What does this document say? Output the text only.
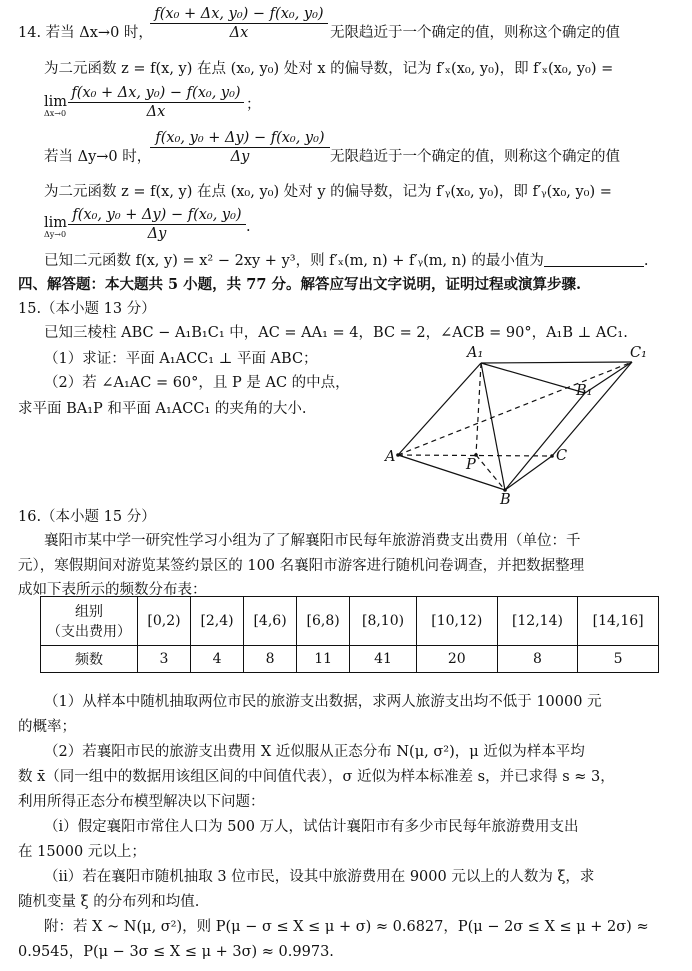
14. 若当 Δx→0 时，
$\frac{\text{f(x₀ + Δx, y₀) − f(x₀, y₀)}}{\Delta x}$ 无限趋近于一个确定的值，则称这个确定的值
为二元函数 z = f(x, y) 在点 (x₀, y₀) 处对 x 的偏导数，记为 f′ₓ(x₀, y₀)，即 f′ₓ(x₀, y₀) =
lim
$\Delta x\to 0 \frac{\text{f(x₀ + Δx, y₀) − f(x₀, y₀)}}{\Delta x}$ ；
若当 Δy→0 时，
$\frac{\text{f(x₀, y₀ + Δy) − f(x₀, y₀)}}{\Delta y}$ 无限趋近于一个确定的值，则称这个确定的值
为二元函数 z = f(x, y) 在点 (x₀, y₀) 处对 y 的偏导数，记为 f′ᵧ(x₀, y₀)，即 f′ᵧ(x₀, y₀) =
lim
$\Delta y\to 0 \frac{\text{f(x₀, y₀ + Δy) − f(x₀, y₀)}}{\Delta y}$ .
已知二元函数 f(x, y) = x² − 2xy + y³，则 f′ₓ(m, n) + f′ᵧ(m, n) 的最小值为	.
四、解答题：本大题共 5 小题，共 77 分。解答应写出文字说明，证明过程或演算步骤.
15.（本小题 13 分）
已知三棱柱 ABC − A₁B₁C₁ 中，AC = AA₁ = 4，BC = 2，∠ACB = 90°，A₁B ⊥ AC₁.
（1）求证：平面 A₁ACC₁ ⊥ 平面 ABC；
（2）若 ∠A₁AC = 60°，且 P 是 AC 的中点，
求平面 BA₁P 和平面 A₁ACC₁ 的夹角的大小.
A₁	C₁
B₁
A	P
C
B
16.（本小题 15 分）
襄阳市某中学一研究性学习小组为了了解襄阳市民每年旅游消费支出费用（单位：千
元），寒假期间对游览某签约景区的 100 名襄阳市游客进行随机问卷调查，并把数据整理
成如下表所示的频数分布表：
组别
（支出费用）	[0,2)	[2,4)	[4,6)	[6,8)	[8,10)	[10,12)	[12,14)	[14,16]
频数	3	4	8	11	41	20	8	5
（1）从样本中随机抽取两位市民的旅游支出数据，求两人旅游支出均不低于 10000 元
的概率；
（2）若襄阳市民的旅游支出费用 X 近似服从正态分布 N(μ, σ²)，μ 近似为样本平均
数 x̄（同一组中的数据用该组区间的中间值代表），σ 近似为样本标准差 s，并已求得 s ≈ 3，
利用所得正态分布模型解决以下问题：
（ⅰ）假定襄阳市常住人口为 500 万人，试估计襄阳市有多少市民每年旅游费用支出
在 15000 元以上；
（ⅱ）若在襄阳市随机抽取 3 位市民，设其中旅游费用在 9000 元以上的人数为 ξ，求
随机变量 ξ 的分布列和均值.
附：若 X ~ N(μ, σ²)，则 P(μ − σ ≤ X ≤ μ + σ) ≈ 0.6827，P(μ − 2σ ≤ X ≤ μ + 2σ) ≈
0.9545，P(μ − 3σ ≤ X ≤ μ + 3σ) ≈ 0.9973.
